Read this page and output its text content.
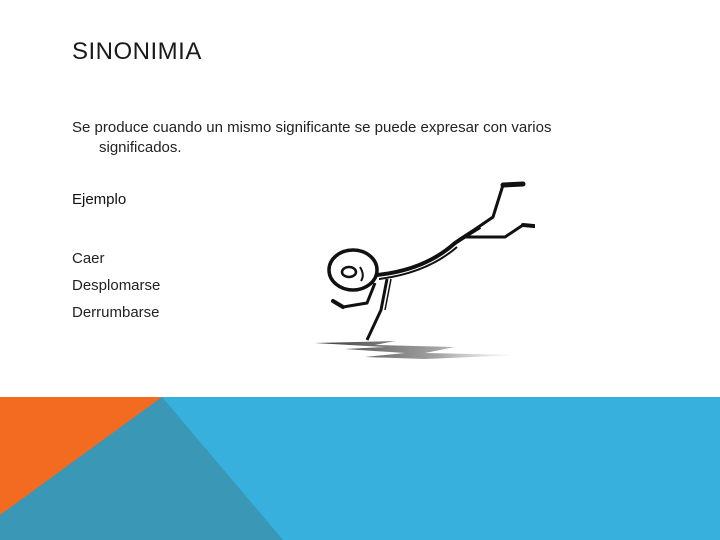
SINONIMIA
Se produce cuando un mismo significante se puede expresar con varios
significados.
Ejemplo
Caer
Desplomarse
Derrumbarse
